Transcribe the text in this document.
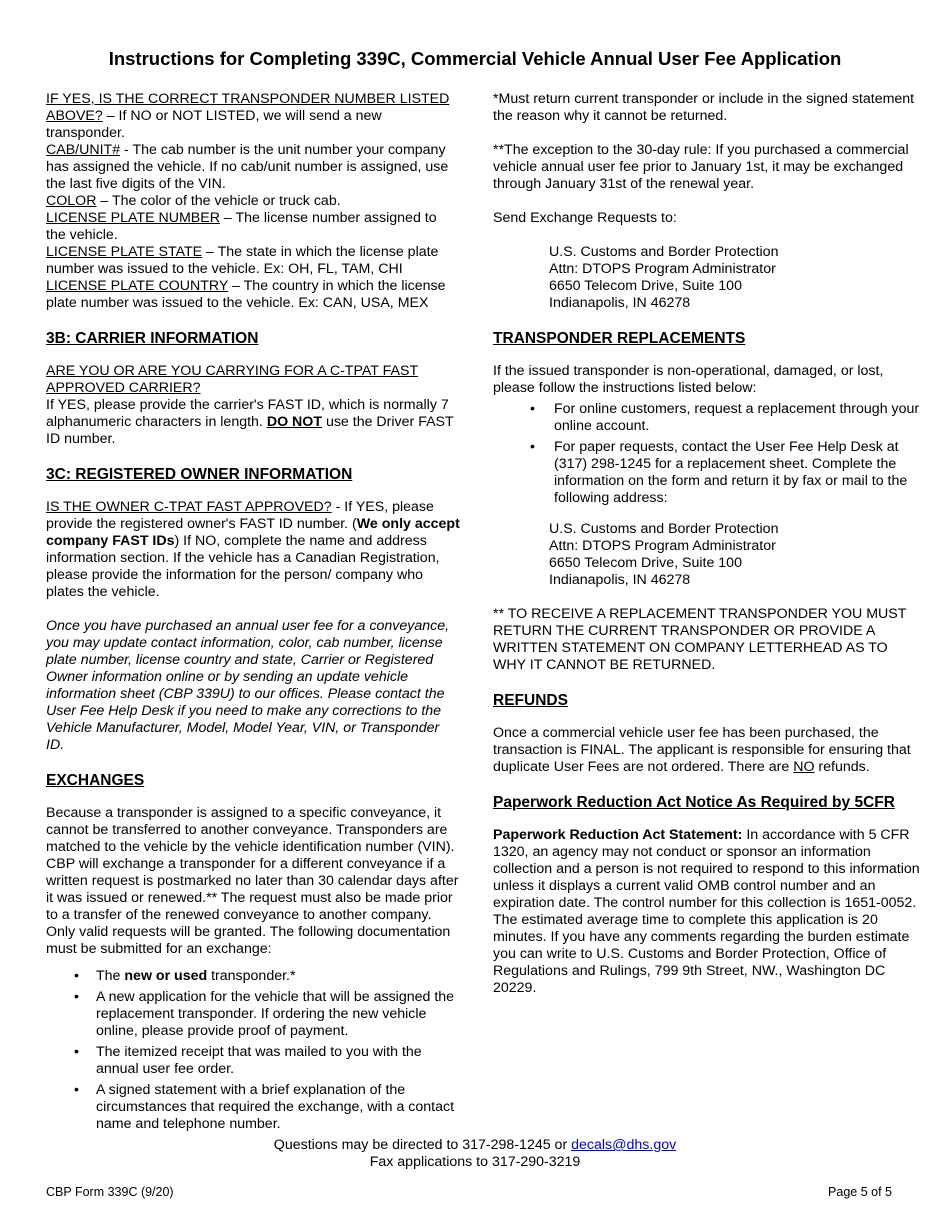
Instructions for Completing 339C, Commercial Vehicle Annual User Fee Application

IF YES, IS THE CORRECT TRANSPONDER NUMBER LISTED ABOVE? – If NO or NOT LISTED, we will send a new transponder.

CAB/UNIT# - The cab number is the unit number your company has assigned the vehicle. If no cab/unit number is assigned, use the last five digits of the VIN.

COLOR – The color of the vehicle or truck cab.

LICENSE PLATE NUMBER – The license number assigned to the vehicle.

LICENSE PLATE STATE – The state in which the license plate number was issued to the vehicle. Ex: OH, FL, TAM, CHI

LICENSE PLATE COUNTRY – The country in which the license plate number was issued to the vehicle. Ex: CAN, USA, MEX

3B: CARRIER INFORMATION

ARE YOU OR ARE YOU CARRYING FOR A C-TPAT FAST APPROVED CARRIER?

If YES, please provide the carrier's FAST ID, which is normally 7 alphanumeric characters in length. DO NOT use the Driver FAST ID number.

3C: REGISTERED OWNER INFORMATION

IS THE OWNER C-TPAT FAST APPROVED? - If YES, please provide the registered owner's FAST ID number. (We only accept company FAST IDs) If NO, complete the name and address information section. If the vehicle has a Canadian Registration, please provide the information for the person/ company who plates the vehicle.

Once you have purchased an annual user fee for a conveyance, you may update contact information, color, cab number, license plate number, license country and state, Carrier or Registered Owner information online or by sending an update vehicle information sheet (CBP 339U) to our offices. Please contact the User Fee Help Desk if you need to make any corrections to the Vehicle Manufacturer, Model, Model Year, VIN, or Transponder ID.

EXCHANGES

Because a transponder is assigned to a specific conveyance, it cannot be transferred to another conveyance. Transponders are matched to the vehicle by the vehicle identification number (VIN). CBP will exchange a transponder for a different conveyance if a written request is postmarked no later than 30 calendar days after it was issued or renewed.** The request must also be made prior to a transfer of the renewed conveyance to another company. Only valid requests will be granted. The following documentation must be submitted for an exchange:

• The new or used transponder.*
• A new application for the vehicle that will be assigned the replacement transponder. If ordering the new vehicle online, please provide proof of payment.
• The itemized receipt that was mailed to you with the annual user fee order.
• A signed statement with a brief explanation of the circumstances that required the exchange, with a contact name and telephone number.

*Must return current transponder or include in the signed statement the reason why it cannot be returned.

**The exception to the 30-day rule: If you purchased a commercial vehicle annual user fee prior to January 1st, it may be exchanged through January 31st of the renewal year.

Send Exchange Requests to:

U.S. Customs and Border Protection

Attn: DTOPS Program Administrator

6650 Telecom Drive, Suite 100

Indianapolis, IN 46278

TRANSPONDER REPLACEMENTS

If the issued transponder is non-operational, damaged, or lost, please follow the instructions listed below:

• For online customers, request a replacement through your online account.
• For paper requests, contact the User Fee Help Desk at (317) 298-1245 for a replacement sheet. Complete the information on the form and return it by fax or mail to the following address:

U.S. Customs and Border Protection

Attn: DTOPS Program Administrator

6650 Telecom Drive, Suite 100

Indianapolis, IN 46278

** TO RECEIVE A REPLACEMENT TRANSPONDER YOU MUST RETURN THE CURRENT TRANSPONDER OR PROVIDE A WRITTEN STATEMENT ON COMPANY LETTERHEAD AS TO WHY IT CANNOT BE RETURNED.

REFUNDS

Once a commercial vehicle user fee has been purchased, the transaction is FINAL. The applicant is responsible for ensuring that duplicate User Fees are not ordered. There are NO refunds.

Paperwork Reduction Act Notice As Required by 5CFR

Paperwork Reduction Act Statement: In accordance with 5 CFR 1320, an agency may not conduct or sponsor an information collection and a person is not required to respond to this information unless it displays a current valid OMB control number and an expiration date. The control number for this collection is 1651-0052. The estimated average time to complete this application is 20 minutes. If you have any comments regarding the burden estimate you can write to U.S. Customs and Border Protection, Office of Regulations and Rulings, 799 9th Street, NW., Washington DC 20229.

Questions may be directed to 317-298-1245 or decals@dhs.gov

Fax applications to 317-290-3219

CBP Form 339C (9/20)	Page 5 of 5
